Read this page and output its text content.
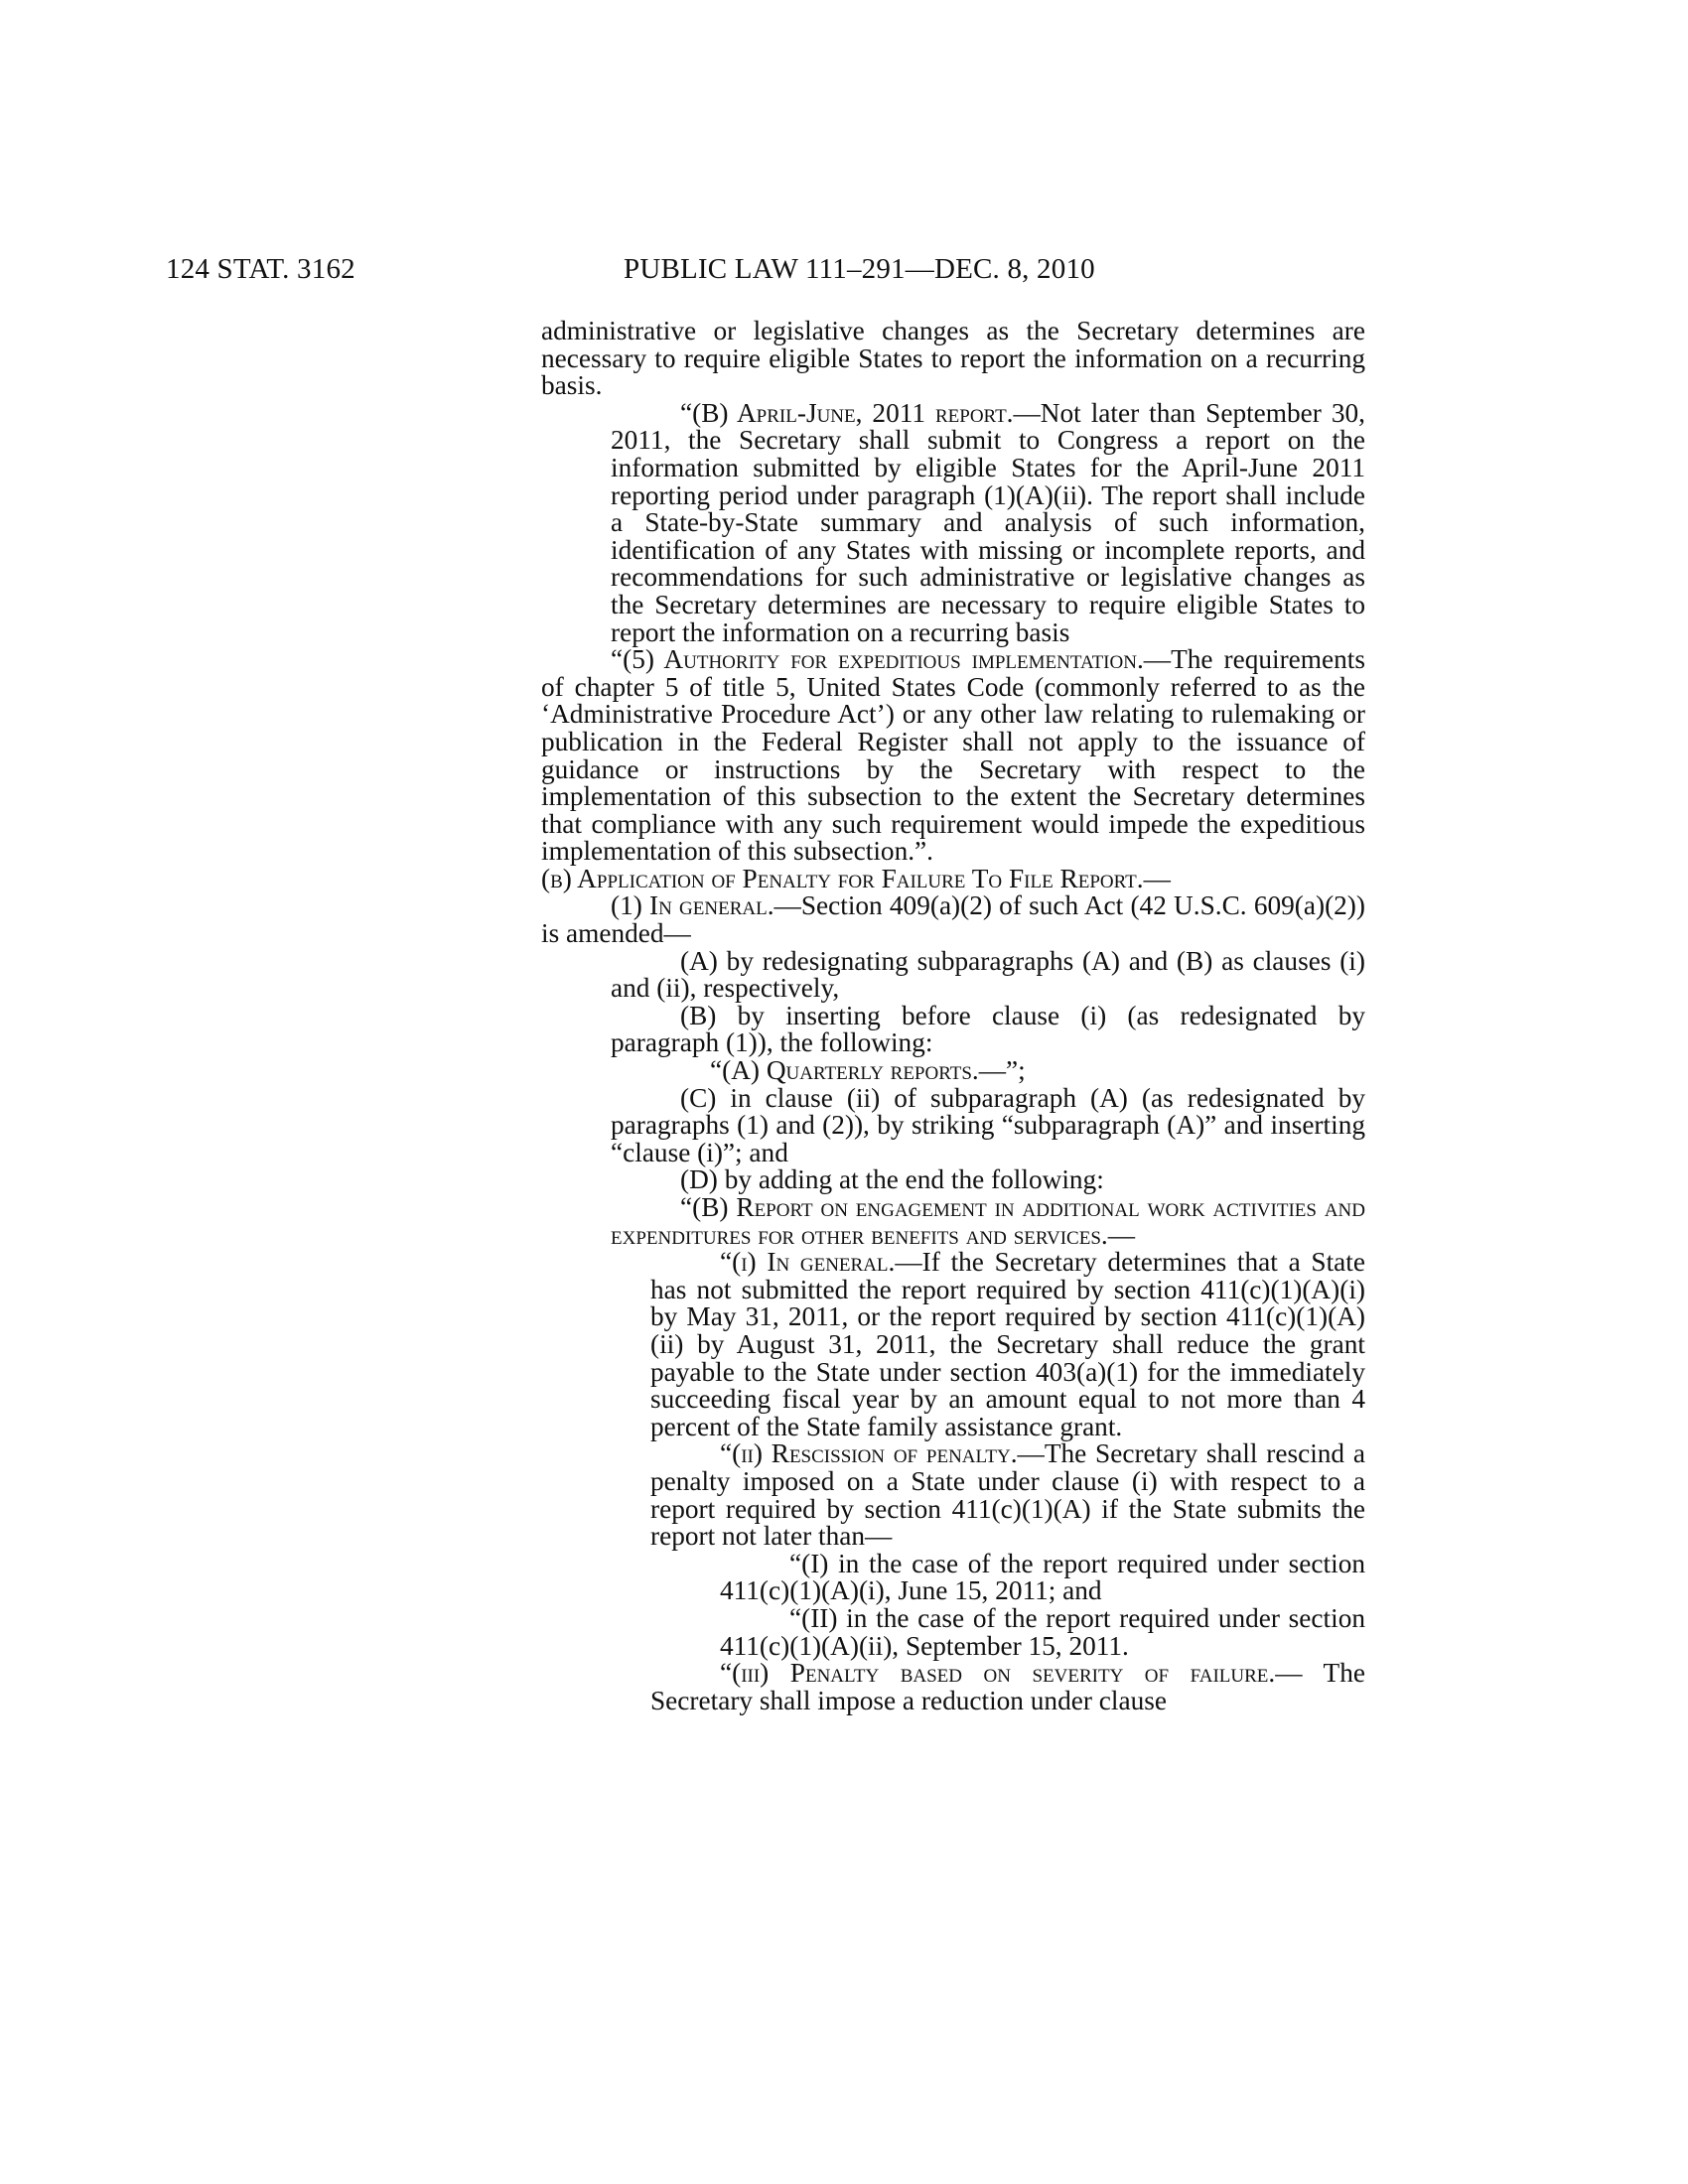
124 STAT. 3162	PUBLIC LAW 111–291—DEC. 8, 2010

administrative or legislative changes as the Secretary determines are necessary to require eligible States to report the information on a recurring basis.

“(B) April-June, 2011 report.—Not later than September 30, 2011, the Secretary shall submit to Congress a report on the information submitted by eligible States for the April-June 2011 reporting period under paragraph (1)(A)(ii). The report shall include a State-by-State summary and analysis of such information, identification of any States with missing or incomplete reports, and recommendations for such administrative or legislative changes as the Secretary determines are necessary to require eligible States to report the information on a recurring basis

“(5) Authority for expeditious implementation.—The requirements of chapter 5 of title 5, United States Code (commonly referred to as the ‘Administrative Procedure Act’) or any other law relating to rulemaking or publication in the Federal Register shall not apply to the issuance of guidance or instructions by the Secretary with respect to the implementation of this subsection to the extent the Secretary determines that compliance with any such requirement would impede the expeditious implementation of this subsection.”.

(b) Application of Penalty for Failure To File Report.—

(1) In general.—Section 409(a)(2) of such Act (42 U.S.C. 609(a)(2)) is amended—

(A) by redesignating subparagraphs (A) and (B) as clauses (i) and (ii), respectively,

(B) by inserting before clause (i) (as redesignated by paragraph (1)), the following:

“(A) Quarterly reports.—”;

(C) in clause (ii) of subparagraph (A) (as redesignated by paragraphs (1) and (2)), by striking “subparagraph (A)” and inserting “clause (i)”; and

(D) by adding at the end the following:

“(B) Report on engagement in additional work activities and expenditures for other benefits and services.—

“(i) In general.—If the Secretary determines that a State has not submitted the report required by section 411(c)(1)(A)(i) by May 31, 2011, or the report required by section 411(c)(1)(A)(ii) by August 31, 2011, the Secretary shall reduce the grant payable to the State under section 403(a)(1) for the immediately succeeding fiscal year by an amount equal to not more than 4 percent of the State family assistance grant.

“(ii) Rescission of penalty.—The Secretary shall rescind a penalty imposed on a State under clause (i) with respect to a report required by section 411(c)(1)(A) if the State submits the report not later than—

“(I) in the case of the report required under section 411(c)(1)(A)(i), June 15, 2011; and

“(II) in the case of the report required under section 411(c)(1)(A)(ii), September 15, 2011.

“(iii) Penalty based on severity of failure.— The Secretary shall impose a reduction under clause
